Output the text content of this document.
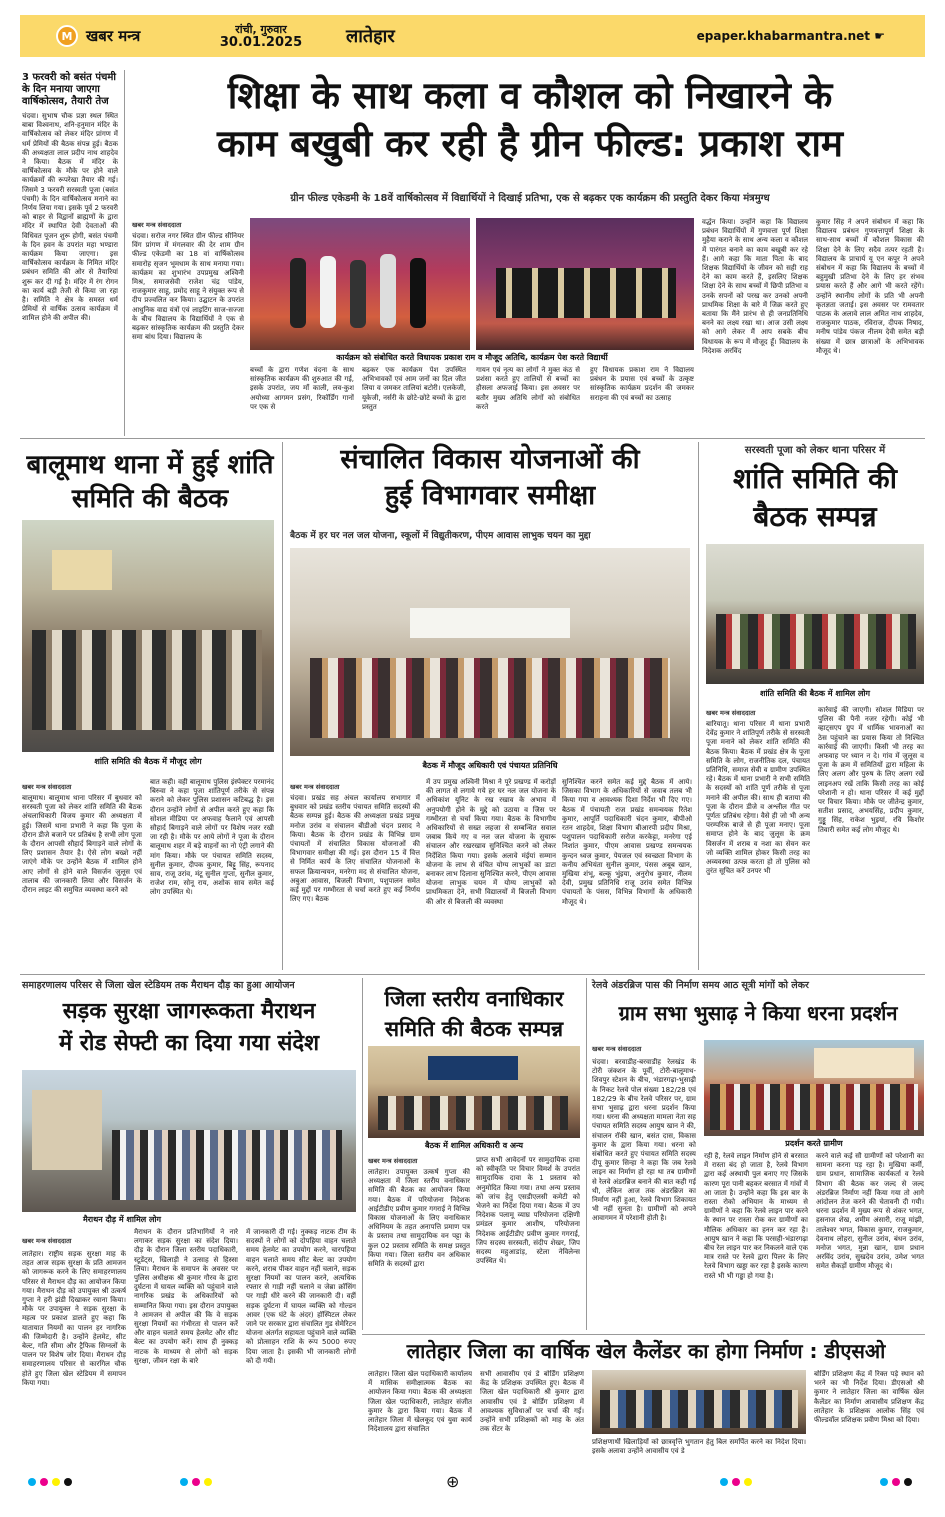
M खबर मन्त्र	रांची, गुरुवार
30.01.2025	लातेहार	epaper.khabarmantra.net ☛
3 फरवरी को बसंत पंचमी के दिन मनाया जाएगा वार्षिकोत्सव, तैयारी तेज
चंदवा। सुभाष चौक प्रज्ञा स्थल स्थित बाबा विश्वनाथ, शनि-हनुमान मंदिर के वार्षिकोत्सव को लेकर मंदिर प्रांगण में धर्म प्रेमियों की बैठक संपन्न हुई। बैठक की अध्यक्षता लाल प्रदीप नाथ शाहदेव ने किया। बैठक में मंदिर के वार्षिकोत्सव के मौके पर होने वाले कार्यक्रमों की रूपरेखा तैयार की गई। जिसमे 3 फरवरी सरस्वती पूजा (बसंत पंचमी) के दिन वार्षिकोत्सव मनाने का निर्णय लिया गया। इसके पूर्व 2 फरवरी को बाहर से विद्वानों ब्राह्मणों के द्वारा मंदिर में स्थापित देवी देवताओं की विधिवत पूजन शुरू होगी, बसंत पंचमी के दिन हवन के उपरांत महा भण्डारा कार्यक्रम किया जाएगा। इस वार्षिकोत्सव कार्यक्रम के निमित मंदिर प्रबंधन समिति की ओर से तैयारियां शुरू कर दी गई है। मंदिर में रंग रोगन का कार्य बड़ी तेजी से किया जा रहा है। समिति ने क्षेत्र के समस्त धर्म प्रेमियों से वार्षिक उत्सव कार्यक्रम में शामिल होने की अपील की।
शिक्षा के साथ कला व कौशल को निखारने के
काम बखुबी कर रही है ग्रीन फील्ड: प्रकाश राम
ग्रीन फील्ड एकेडमी के 18वें वार्षिकोत्सव में विद्यार्थियों ने दिखाई प्रतिभा, एक से बढ़कर एक कार्यक्रम की प्रस्तुति देकर किया मंत्रमुग्ध
खबर मन्त्र संवाददाता
चंदवा। सरोज नगर स्थित ग्रीन फील्ड सीनियर विंग प्रांगण में मंगलवार की देर शाम ग्रीन फील्ड एकेडमी का 18 वां वार्षिकोत्सव समारोह सृजन भूमधाम के साथ मनाया गया। कार्यक्रम का शुभारंभ उपप्रमुख अश्विनी मिश्र, समाजसेवी राजेश चंद्र पांडेय, राजकुमार साहू, प्रमोद साहू ने संयुक्त रूप से दीप प्रज्वलित कर किया। उद्घाटन के उपरांत आधुनिक वाद्य यंत्रों एवं लाइटिंग साज-सज्जा के बीच विद्यालय के विद्यार्थियों ने एक से बढ़कर सांस्कृतिक कार्यक्रम की प्रस्तुति देकर समा बांध दिया। विद्यालय के
कार्यक्रम को संबोधित करते विधायक प्रकाश राम व मौजूद अतिथि, कार्यक्रम पेश करते विद्यार्थी
बच्चों के द्वारा गणेश वंदना के साथ सांस्कृतिक कार्यक्रम की शुरुआत की गई, इसके उपरांत, जय माँ काली, लव-कुश अयोध्या आगमन प्रसंग, रिकॉर्डिंग गानों पर एक से
बढ़कर एक कार्यक्रम पेश उपस्थित अभिभावकों एवं आम जनों का दिल जीत लिया व जमकर तालियां बटोरी। एलकेजी, यूकेजी, नर्सरी के छोटे-छोटे बच्चों के द्वारा प्रस्तुत
गायन एवं नृत्य का लोगों ने मुक्त कंठ से प्रशंसा करते हुए तालियों से बच्चों का हौसला अफजाई किया। इस अवसर पर बतौर मुख्य अतिथि लोगों को संबोधित करते
हुए विधायक प्रकाश राम ने विद्यालय प्रबंधन के प्रयास एवं बच्चों के उत्कृष्ट सांस्कृतिक कार्यक्रम प्रदर्शन की जमकर सराहना की एवं बच्चों का उत्साह
वर्द्धन किया। उन्होंने कहा कि विद्यालय प्रबंधन विद्यार्थियों में गुणवत्ता पूर्ण शिक्षा मुहैया कराने के साथ अन्य कला व कौशल में पारंगत बनाने का काम बखूबी कर रहे हैं। आगे कहा कि माता पिता के बाद शिक्षक विद्यार्थियों के जीवन को सही राह देने का काम करते हैं, इसलिए शिक्षक शिक्षा देने के साथ बच्चों में छिपी प्रतिभा व उनके सपनों को परख कर उनको अपनी प्राथमिक शिक्षा के बारे में जिक्र करते हुए बताया कि मैंने प्रारंभ से ही जनप्रतिनिधि बनने का लक्ष्य रखा था। आज उसी लक्ष्य को आगे लेकर मैं आप सबके बीच विधायक के रूप में मौजूद हूँ। विद्यालय के निदेशक अरविंद
कुमार सिंह ने अपने संबोधन में कहा कि विद्यालय प्रबंधन गुणवत्तापूर्ण शिक्षा के साथ-साथ बच्चों में कौशल विकास की शिक्षा देने के लिए सदैव तत्पर रहती है। विद्यालय के प्राचार्य यू एन कपूर ने अपने संबोधन में कहा कि विद्यालय के बच्चों में बहुमुखी प्रतिभा देने के लिए हर संभव प्रयास करते हैं और आगे भी करते रहेंगे। उन्होंने स्थानीय लोगों के प्रति भी अपनी कृतज्ञता जताई। इस अवसर पर रामवतार पाठक के अलावे लाल अमित नाथ शाहदेव, राजकुमार पाठक, रविराज, दीपक निषाद, मनीष पांडेय पंकज नीलम देवी समेत बड़ी संख्या में छात्र छात्राओं के अभिभावक मौजूद थे।
बालूमाथ थाना में हुई शांति समिति की बैठक
शांति समिति की बैठक में मौजूद लोग
खबर मन्त्र संवाददाता
बालूमाथ। बालूमाथ थाना परिसर में बुधवार को सरस्वती पूजा को लेकर शांति समिति की बैठक अंचलाधिकारी विजय कुमार की अध्यक्षता में हुई। जिसमें थाना प्रभारी ने कहा कि पूजा के दौरान डीजे बजाने पर प्रतिबंध है सभी लोग पूजा के दौरान आपसी सौहार्द बिगाड़ने वाले लोगों के लिए प्रशासन तैयार है। ऐसे लोग बख्शे नहीं जाएंगे मौके पर उन्होंने बैठक में शामिल होने आए लोगों से होने वाले विसर्जन जुलूस एवं तालाब की जानकारी लिया और विसर्जन के दौरान लाइट की समुचित व्यवस्था करने को
बात कही। वही बालूमाथ पुलिस इंस्पेक्टर परमानंद बिरुवा ने कहा पूजा शांतिपूर्ण तरीके से संपन्न कराने को लेकर पुलिस प्रशासन कटिबद्ध है। इस दौरान उन्होंने लोगों से अपील करते हुए कहा कि सोशल मीडिया पर अफवाह फैलाने एवं आपसी सौहार्द बिगाड़ने वाले लोगों पर विशेष नजर रखी जा रही है। मौके पर आये लोगों ने पूजा के दौरान बालूमाथ शहर में बड़े वाहनों का नो एंट्री लगाने की मांग किया। मौके पर पंचायत समिति सदस्य, सुनील कुमार, दीपक कुमार, बिट्टू सिंह, रूपनाद साव, राजू उरांव, मंटू सुनील गुप्ता, सुनील कुमार, राजेश राम, सोनू राय, अशोक साव समेत कई लोग उपस्थित थे।
संचालित विकास योजनाओं की
हुई विभागवार समीक्षा
बैठक में हर घर नल जल योजना, स्कूलों में विद्युतीकरण, पीएम आवास लाभुक चयन का मुद्दा
बैठक में मौजूद अधिकारी एवं पंचायत प्रतिनिधि
खबर मन्त्र संवाददाता
चंदवा। प्रखंड सह अंचल कार्यालय सभागार में बुधवार को प्रखंड स्तरीय पंचायत समिति सदस्यों की बैठक सम्पन्न हुई। बैठक की अध्यक्षता प्रखंड प्रमुख मनोज उरांव व संचालन बीडीओ चंदन प्रसाद ने किया। बैठक के दौरान प्रखंड के विभिन्न ग्राम पंचायतों में संचालित विकास योजनाओं की विभागवार समीक्षा की गई। इस दौरान 15 वें वित्त से निर्मित कार्य के लिए संचालित योजनाओं के सफल क्रियान्वयन, मनरेगा मद से संचालित योजना, अबुआ आवास, बिजली विभाग, पशुपालन समेत कई मुद्दों पर गम्भीरता से चर्चा करते हुए कई निर्णय लिए गए। बैठक
में उप प्रमुख अश्विनी मिश्रा ने पूरे प्रखण्ड में करोड़ों की लागत से लगाये गये हर घर नल जल योजना के अधिकांश यूनिट के रख रखाव के अभाव में अनुपयोगी होने के मुद्दे को उठाया व जिस पर गम्भीरता से चर्चा किया गया। बैठक के विभागीय अधिकारियों से सख्त लहजा से सम्बन्धित सवाल जबाब किये गए व नल जल योजना के सुचारू संचालन और रखरखाव सुनिश्चित करने को लेकर निर्देशित किया गया। इसके अलावे मंईयां सम्मान योजना के लाभ से वंचित योग्य लाभुकों का डाटा बनाकर लाभ दिलाना सुनिश्चित करने, पीएम आवास योजना लाभुक चयन में योग्य लाभुकों को प्राथमिकता देने, सभी विद्यालयों में बिजली विभाग की ओर से बिजली की व्यवस्था
सुनिश्चित करने समेत कई मुद्दे बैठक में आये। जिसका विभाग के अधिकारियों से जवाब तलब भी किया गया व आवश्यक दिशा निर्देश भी दिए गए। बैठक में पंचायती राज प्रखंड समन्वयक रितेश कुमार, आपूर्ति पदाधिकारी चंदन कुमार, बीपीओ रतन शाहदेव, शिक्षा विभाग बीआरपी प्रदीप मिश्रा, पशुपालन पदाधिकारी सरोज करकेट्टा, मनरेगा एई निशांत कुमार, पीएम आवास प्रखण्ड समन्वयक कुन्दन ध्वज कुमार, पेयजल एवं स्वच्छता विभाग के कनीय अभियंता सुनील कुमार, पंसस अबूब खान, मुखिया शंभू, बल्कू भुंइया, अनुरोध कुमार, नीलम देवी, प्रमुख प्रतिनिधि राजू उरांव समेत विभिन्न पंचायतों के पंसस, विभिन्न विभागों के अधिकारी मौजूद थे।
सरस्वती पूजा को लेकर थाना परिसर में
शांति समिति की
बैठक सम्पन्न
शांति समिति की बैठक में शामिल लोग
खबर मन्त्र संवाददाता
बारियातू। थाना परिसर में थाना प्रभारी देवेंद्र कुमार ने शांतिपूर्ण तरीके से सरस्वती पूजा मनाने को लेकर शांति समिति की बैठक किया। बैठक में प्रखंड क्षेत्र के पूजा समिति के लोग, राजनीतिक दल, पंचायत प्रतिनिधि, समाज सेवी व ग्रामीण उपस्थित रहे। बैठक में थाना प्रभारी ने सभी समिति के सदस्यों को शांति पूर्ण तरीके से पूजा मनाने की अपील की। साथ ही बताया की पूजा के दौरान डीजे व अश्लील गीत पर पूर्णतः प्रतिबंध रहेगा। वैसे ही जो भी अन्य परम्परिक बाजे से ही पूजा मनाए। पूजा समाप्त होने के बाद जुलूस के क्रम विसर्जन में शराब व नशा का सेवन कर जो व्यक्ति शामिल होकर किसी तरह का अव्यवस्था उत्पन्न करता हो तो पुलिस को तुरंत सूचित करें उनपर भी
कार्रवाई की जाएगी। सोशल मिडिया पर पुलिस की पैनी नजर रहेगी। कोई भी व्हाट्सएप ग्रुप में धार्मिक भावनाओं का ठेस पहुंचाने का प्रयास किया तो निश्चित कार्रवाई की जाएगी। किसी भी तरह का अफवाह पर ध्यान न दे। गांव में जुलूस व पूजा के क्रम में समितियों द्वारा महिला के लिए अलग और पुरुष के लिए अलग रखें लाइनअप रखें ताकि किसी तरह का कोई परेशानी न हो। थाना परिसर में कई मुद्दों पर विचार किया। मौके पर जीतेन्द्र कुमार, सतीश प्रसाद, अभयसिंह, प्रदीप कुमार, गुड्डू सिंह, राकेश भुइयां, रवि किशोर तिवारी समेत कई लोग मौजूद थे।
समाहरणालय परिसर से जिला खेल स्टेडियम तक मैराथन दौड़ का हुआ आयोजन
सड़क सुरक्षा जागरूकता मैराथन
में रोड सेफ्टी का दिया गया संदेश
मैराथन दौड़ में शामिल लोग
खबर मन्त्र संवाददाता
लातेहार। राष्ट्रीय सड़क सुरक्षा माह के तहत आज सड़क सुरक्षा के प्रति आमजन को जागरूक करने के लिए समाहरणालय परिसर से मैराथन दौड़ का आयोजन किया गया। मैराथन दौड़ को उपायुक्त श्री उत्कर्ष गुप्ता ने हरी झंडी दिखाकर रवाना किया। मौके पर उपायुक्त ने सड़क सुरक्षा के महत्व पर प्रकाश डालते हुए कहा कि यातायात नियमों का पालन हर नागरिक की जिम्मेदारी है। उन्होंने हेलमेट, सीट बेल्ट, गति सीमा और ट्रैफिक सिग्नलों के पालन पर विशेष जोर दिया। मैराथन दौड़ समाहरणालय परिसर से कारगिल चौक होते हुए जिला खेल स्टेडियम में समापन किया गया।
मैराथन के दौरान प्रतिभागियों ने नारे लगाकर सड़क सुरक्षा का संदेश दिया। दौड़ के दौरान जिला स्तरीय पदाधिकारी, स्टूडेंट्स, खिलाड़ी ने उत्साह से हिस्सा लिया। मैराथन के समापन के अवसर पर पुलिस अधीक्षक श्री कुमार गौरव के द्वारा दुर्घटना में घायल व्यक्ति को पहुंचाने वाले नागरिक प्रखंड के अधिकारियों को सम्मानित किया गया। इस दौरान उपायुक्त ने आमजन से अपील की कि वे सड़क सुरक्षा नियमों का गंभीरता से पालन करें और वाहन चलाते समय हेलमेट और सीट बेल्ट का उपयोग करें। साथ ही नुक्कड़ नाटक के माध्यम से लोगों को सड़क सुरक्षा, जीवन रक्षा के बारे
में जानकारी दी गई। नुक्कड़ नाटक टीम के सदस्यों ने लोगों को दोपहिया वाहन चलाते समय हेलमेट का उपयोग करने, चारपहिया वाहन चलाते समय सीट बेल्ट का उपयोग करने, शराब पीकर वाहन नहीं चलाने, सड़क सुरक्षा नियमों का पालन करने, अत्यधिक रफ्तार से गाड़ी नहीं चलाने व जेब्रा क्रॉसिंग पर गाड़ी धीरे करने की जानकारी दी। वहीं सड़क दुर्घटना में घायल व्यक्ति को गोल्डन आवर (एक घंटे के अंदर) हॉस्पिटल लेकर जाने पर सरकार द्वारा संचालित गुड सेमेरिटन योजना अंतर्गत सहायता पहुंचाने वाले व्यक्ति को प्रोत्साहन राशि के रूप 5000 रुपए दिया जाता है। इसकी भी जानकारी लोगों को दी गयी।
जिला स्तरीय वनाधिकार
समिति की बैठक सम्पन्न
बैठक में शामिल अधिकारी व अन्य
खबर मन्त्र संवाददाता
लातेहार। उपायुक्त उत्कर्ष गुप्ता की अध्यक्षता में जिला स्तरीय वनाधिकार समिति की बैठक का आयोजन किया गया। बैठक में परियोजना निदेशक आईटीडीए प्रवीण कुमार गगराई ने विभिन्न विकास योजनाओं के लिए वनाधिकार अधिनियम के तहत अनापत्ति प्रमाण पत्र के प्रस्ताव तथा सामुदायिक वन पट्टा के कुल 02 प्रस्ताव समिति के समक्ष प्रस्तुत किया गया। जिला स्तरीय वन अधिकार समिति के सदस्यों द्वारा
प्राप्त सभी आवेदनों पर सामुदायिक दावा को स्वीकृति पर विचार विमर्श के उपरांत सामुदायिक दावा के 1 प्रस्ताव को अनुमोदित किया गया। तथा अन्य प्रस्ताव को जांच हेतु एसडीएलसी कमेटी को भेजने का निर्देश दिया गया। बैठक में उप निदेशक पलामू व्याघ्र परियोजना दक्षिणी प्रमंडल कुमार आशीष, परियोजना निदेशक आईटीडीए प्रवीण कुमार गगराई, जिप सदस्य सरस्वती, संदीप शेखर, जिप सदस्य महुआडांड़, स्टेला नेविलेन्स उपस्थित थे।
रेलवे अंडरब्रिज पास की निर्माण समय आठ सूत्री मांगों को लेकर
ग्राम सभा भुसाढ़ ने किया धरना प्रदर्शन
खबर मन्त्र संवाददाता
चंदवा। बरवाडीह-बरवाडीह रेलखंड के टोरी जंक्शन के पूर्वी, टोरी-बालूमाथ-शिवपुर स्टेशन के बीच, भंडारगढ़ा-भुसाढ़ी के निकट रेलवे पोल संख्या 182/28 एवं 182/29 के बीच रेलवे परिसर पर, ग्राम सभा भुसाढ़ द्वारा धरना प्रदर्शन किया गया। धरना की अध्यक्षता मामला नेता सह पंचायत समिति सदस्य आयुष खान ने की, संचालन रॉकी खान, बसंत दास, विकास कुमार के द्वारा किया गया। धरना को संबोधित करते हुए पंचायत समिति सदस्य दीपू कुमार सिन्हा ने कहा कि जब रेलवे लाइन का निर्माण हो रहा था तब ग्रामीणों से रेलवे अंडरब्रिज बनाने की बात कही गई थी, लेकिन आज तक अंडरब्रिज का निर्माण नहीं हुआ, रेलवे विभाग शिकायत भी नहीं सुनता है। ग्रामीणों को अपने आवागमन में परेशानी होती है।
प्रदर्शन करते ग्रामीण
रही है, रेलवे लाइन निर्माण होने से बरसात में रास्ता बंद हो जाता है, रेलवे विभाग द्वारा कई अस्थायी पुल बनाए गए जिसके कारण पूरा पानी बहकर बरसात में गांवों में आ जाता है। उन्होंने कहा कि इस बार के रास्ता रोको अभियान के माध्यम से ग्रामीणों ने कहा कि रेलवे लाइन पार करने के स्थान पर रास्ता रोक कर ग्रामीणों का मौलिक अधिकार का हनन कर रहा है। आयुष खान ने कहा कि परसही-भंडारगढ़ा बीच रेल लाइन पार कर निकलने वाले एक मात्र रास्ते पर रेलवे द्वारा पिलर के लिए रेलवे विभाग खड्डा कर रहा है इसके कारण रास्ते भी भी गड्ढा हो गया है।
करने वाले कई सौ ग्रामीणों को परेशानी का सामना करना पड़ रहा है। मुखिया कर्मी, ग्राम प्रधान, सामाजिक कार्यकर्ता व रेलवे विभाग की बैठक कर जल्द से जल्द अंडरब्रिज निर्माण नहीं किया गया तो आगे आंदोलन तेज करने की चेतावनी दी गयी। धरना प्रदर्शन में मुख्य रूप से शंकर भगत, हसनाज शेख, शमीम अंसारी, राजू मांझी, तालेश्वर भगत, विकास कुमार, राजकुमार, देवनाथ लोहरा, सुनील उरांव, बंधन उरांव, मनोज भगत, मुन्ना खान, ग्राम प्रधान अरविंद उरांव, सुखदेव उरांव, उमेश भगत समेत सैकड़ों ग्रामीण मौजूद थे।
लातेहार जिला का वार्षिक खेल कैलेंडर का होगा निर्माण : डीएसओ
लातेहार। जिला खेल पदाधिकारी कार्यालय में मासिक समीक्षात्मक बैठक का आयोजन किया गया। बैठक की अध्यक्षता जिला खेल पदाधिकारी, लातेहार संजीत कुमार के द्वारा किया गया। बैठक में लातेहार जिला में खेलकूद एवं युवा कार्य निदेशालय द्वारा संचालित
सभी आवासीय एवं डे बोर्डिंग प्रशिक्षण केंद्र के प्रशिक्षक उपस्थित हुए। बैठक में जिला खेल पदाधिकारी श्री कुमार द्वारा आवासीय एवं डे बोर्डिंग प्रशिक्षण में आवश्यक सुविधाओं पर चर्चा की गई। उन्होंने सभी प्रशिक्षकों को माह के अंत तक सेंटर के
प्रशिक्षणार्थी खिलाड़ियों को छात्रवृत्ति भुगतान हेतु बिल समर्पित करने का निदेश दिया। इसके अलावा उन्होंने आवासीय एवं डे
बोर्डिंग प्रशिक्षण केंद्र में रिक्त पड़े स्थान को भरने का भी निर्देश दिया। डीएसओ श्री कुमार ने लातेहार जिला का वार्षिक खेल कैलेंडर का निर्माण आवासीय प्रशिक्षण केंद्र लातेहार के प्रशिक्षक आलोक सिंह एवं फील्डवॉल प्रशिक्षक प्रवीण मिश्रा को दिया।
⊕
